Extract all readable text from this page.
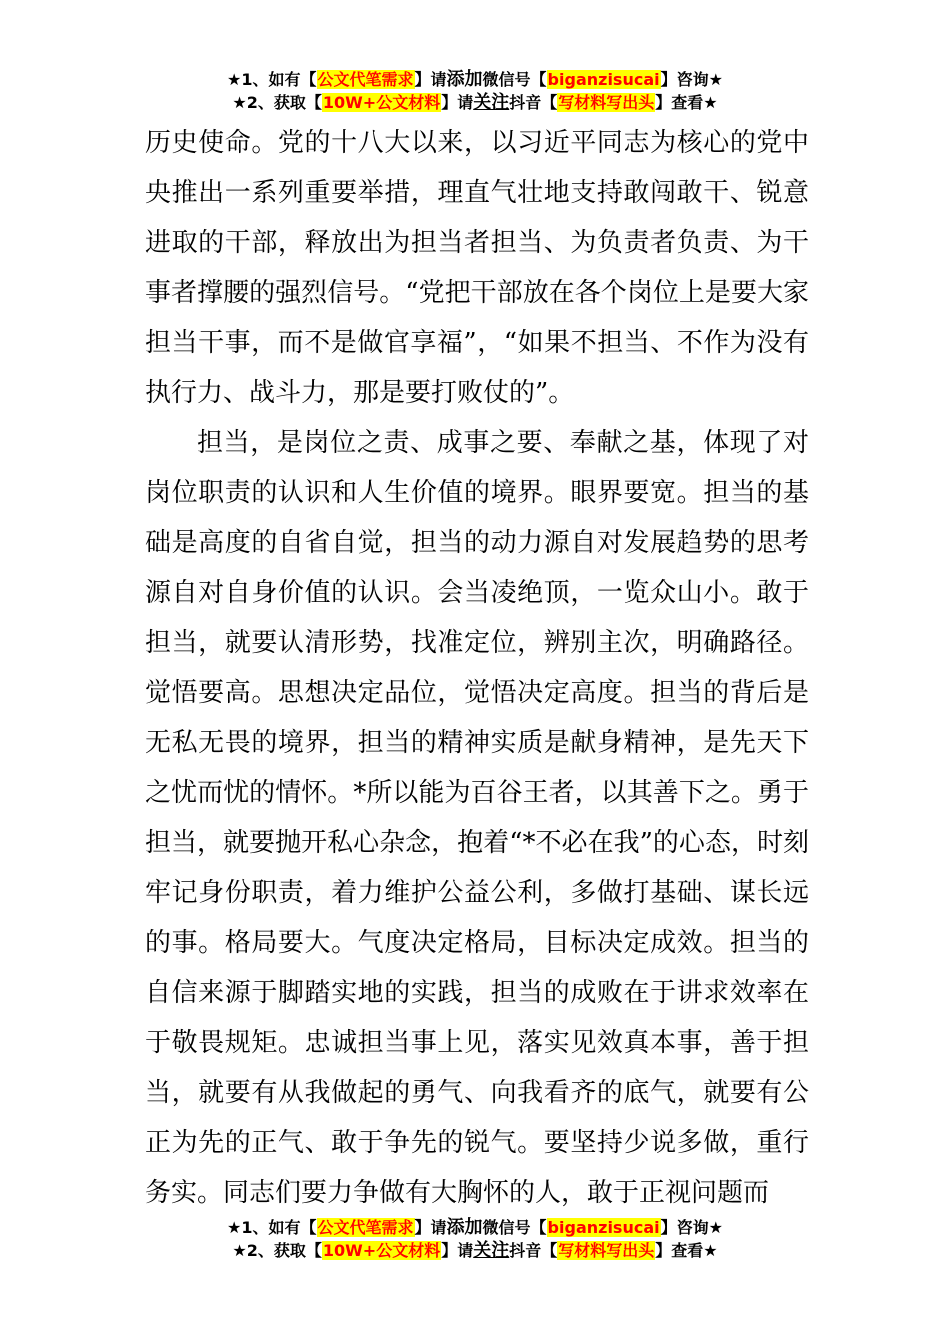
★1、如有【公文代笔需求】请添加微信号【biganzisucai】咨询★
★2、获取【10W+公文材料】请关注抖音【写材料写出头】查看★

历史使命。党的十八大以来，以习近平同志为核心的党中央推出一系列重要举措，理直气壮地支持敢闯敢干、锐意进取的干部，释放出为担当者担当、为负责者负责、为干事者撑腰的强烈信号。“党把干部放在各个岗位上是要大家担当干事，而不是做官享福”，“如果不担当、不作为没有执行力、战斗力，那是要打败仗的”。

担当，是岗位之责、成事之要、奉献之基，体现了对岗位职责的认识和人生价值的境界。眼界要宽。担当的基础是高度的自省自觉，担当的动力源自对发展趋势的思考源自对自身价值的认识。会当凌绝顶，一览众山小。敢于担当，就要认清形势，找准定位，辨别主次，明确路径。觉悟要高。思想决定品位，觉悟决定高度。担当的背后是无私无畏的境界，担当的精神实质是献身精神，是先天下之忧而忧的情怀。*所以能为百谷王者，以其善下之。勇于担当，就要抛开私心杂念，抱着“*不必在我”的心态，时刻牢记身份职责，着力维护公益公利，多做打基础、谋长远的事。格局要大。气度决定格局，目标决定成效。担当的自信来源于脚踏实地的实践，担当的成败在于讲求效率在于敬畏规矩。忠诚担当事上见，落实见效真本事，善于担当，就要有从我做起的勇气、向我看齐的底气，就要有公正为先的正气、敢于争先的锐气。要坚持少说多做，重行务实。同志们要力争做有大胸怀的人，敢于正视问题而

★1、如有【公文代笔需求】请添加微信号【biganzisucai】咨询★
★2、获取【10W+公文材料】请关注抖音【写材料写出头】查看★
